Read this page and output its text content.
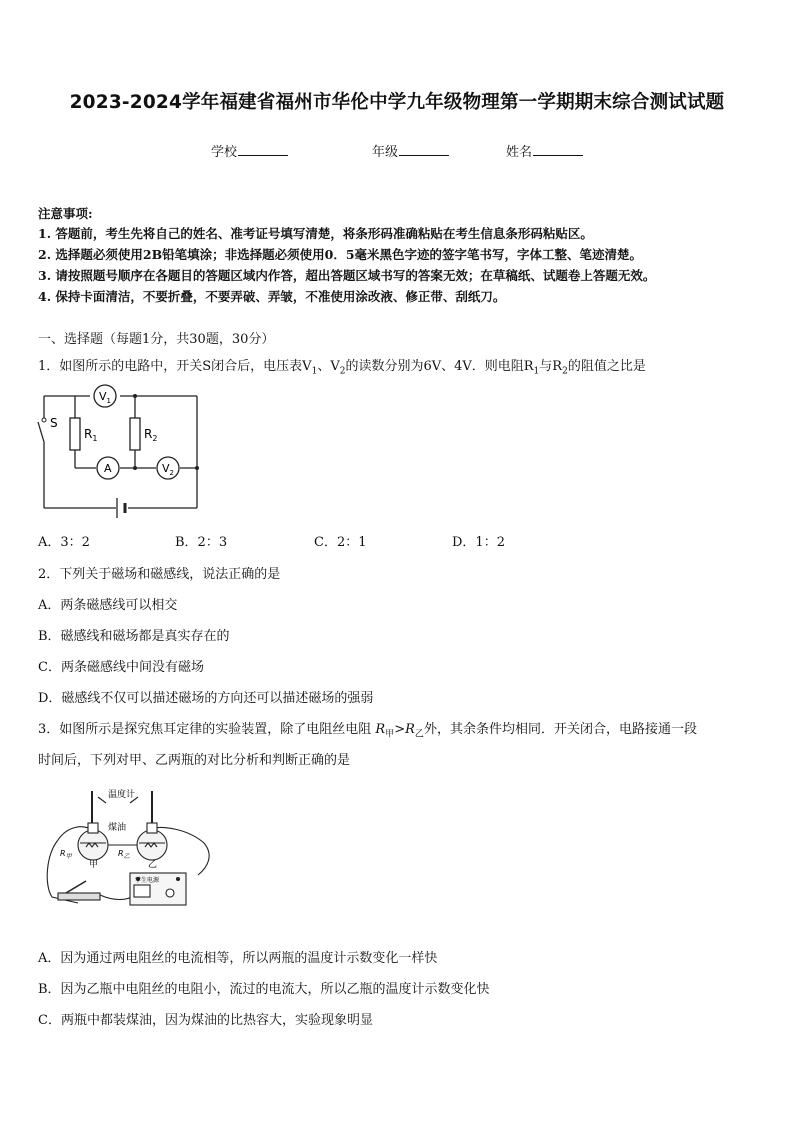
2023-2024学年福建省福州市华伦中学九年级物理第一学期期末综合测试试题
学校	年级	姓名
注意事项:
1. 答题前，考生先将自己的姓名、准考证号填写清楚，将条形码准确粘贴在考生信息条形码粘贴区。
2. 选择题必须使用2B铅笔填涂；非选择题必须使用0．5毫米黑色字迹的签字笔书写，字体工整、笔迹清楚。
3. 请按照题号顺序在各题目的答题区域内作答，超出答题区域书写的答案无效；在草稿纸、试题卷上答题无效。
4. 保持卡面清洁，不要折叠，不要弄破、弄皱，不准使用涂改液、修正带、刮纸刀。
一、选择题（每题1分，共30题，30分）
1．如图所示的电路中，开关S闭合后，电压表$V_1$、$V_2$的读数分别为6V、4V．则电阻$R_1$与$R_2$的阻值之比是
S
$R_1$	$R_2$
$V_1$
A	$V_2$
A．3：2	B．2：3	C．2：1	D．1：2
2．下列关于磁场和磁感线，说法正确的是
A．两条磁感线可以相交
B．磁感线和磁场都是真实存在的
C．两条磁感线中间没有磁场
D．磁感线不仅可以描述磁场的方向还可以描述磁场的强弱
3．如图所示是探究焦耳定律的实验装置，除了电阻丝电阻 $R_甲>R_乙$外，其余条件均相同．开关闭合，电路接通一段
时间后，下列对甲、乙两瓶的对比分析和判断正确的是
温度计
煤油
$R_甲$	$R_乙$
甲	乙
学生电源
A．因为通过两电阻丝的电流相等，所以两瓶的温度计示数变化一样快
B．因为乙瓶中电阻丝的电阻小，流过的电流大，所以乙瓶的温度计示数变化快
C．两瓶中都装煤油，因为煤油的比热容大，实验现象明显
